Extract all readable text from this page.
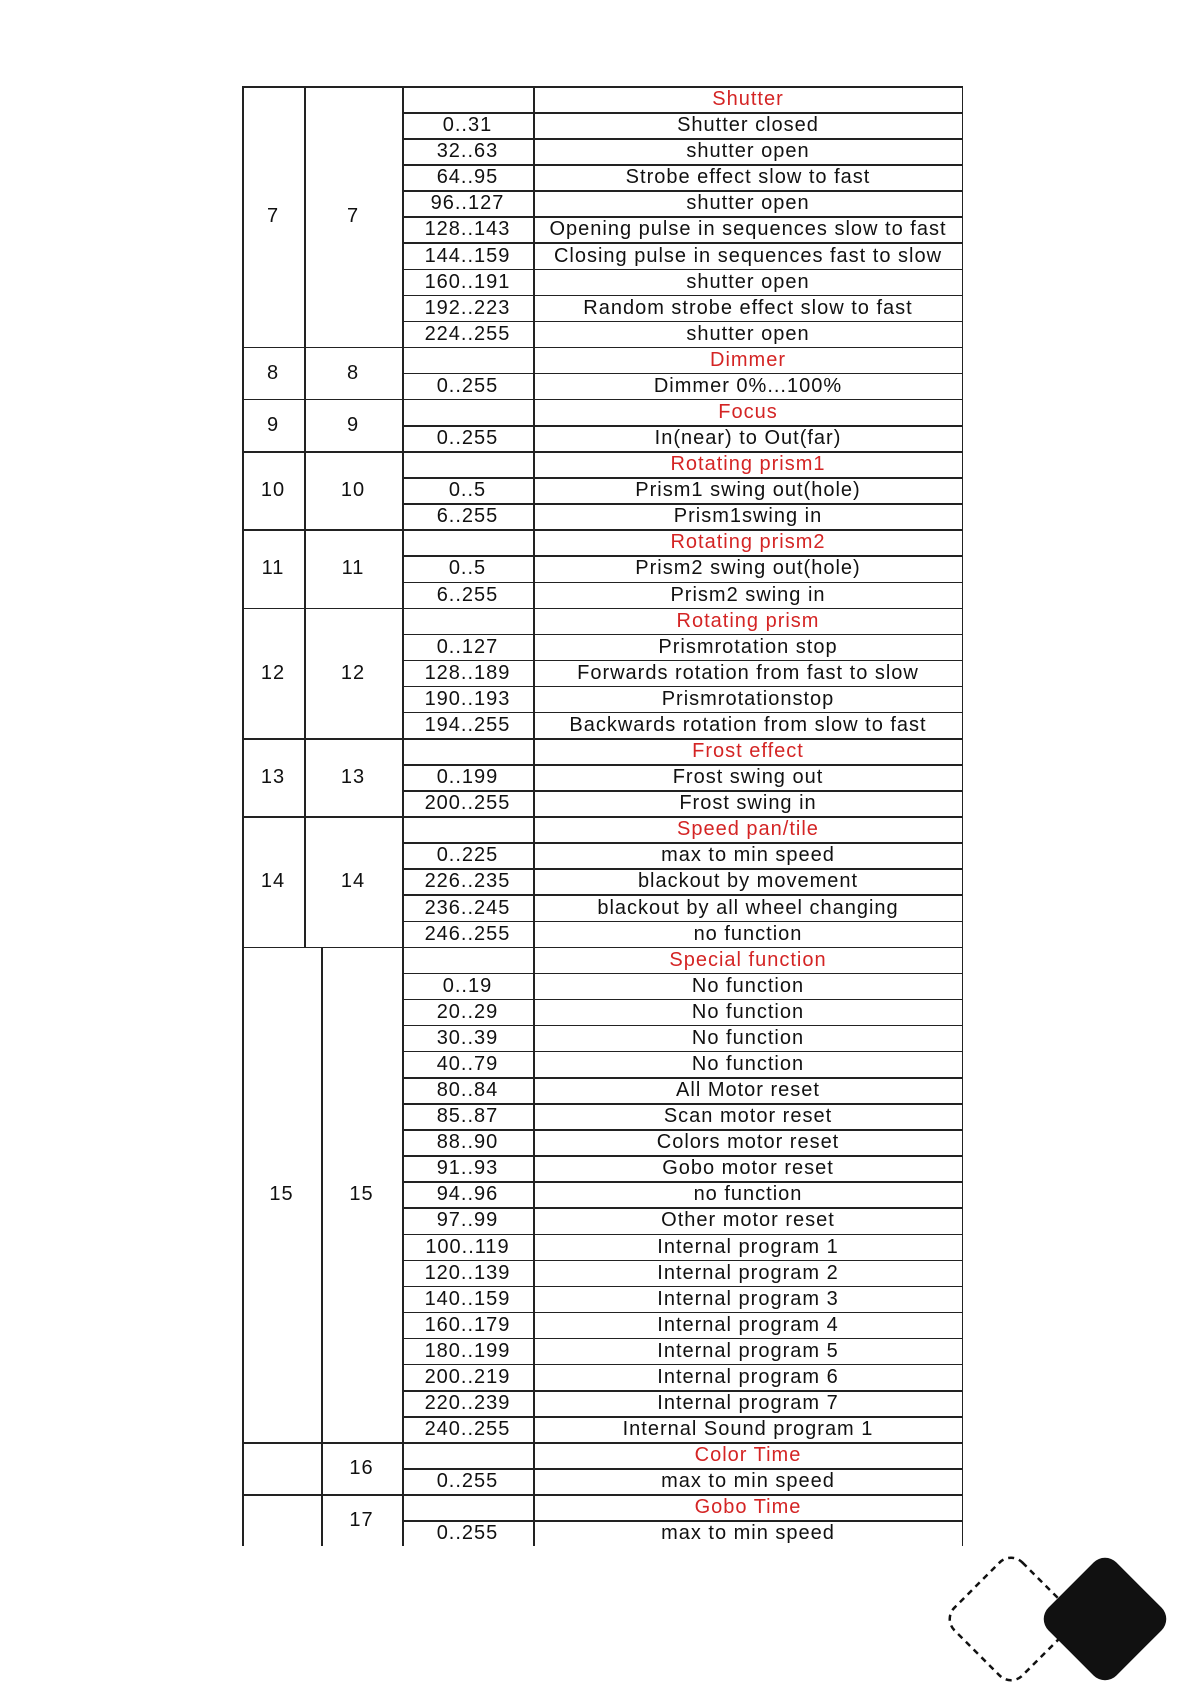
7	7
Shutter
0..31	Shutter closed
32..63	shutter open
64..95	Strobe effect slow to fast
96..127	shutter open
128..143	Opening pulse in sequences slow to fast
144..159	Closing pulse in sequences fast to slow
160..191	shutter open
192..223	Random strobe effect slow to fast
224..255	shutter open
8	8
Dimmer
0..255	Dimmer 0%...100%
9	9
Focus
0..255	In(near) to Out(far)
10	10
Rotating prism1
0..5	Prism1 swing out(hole)
6..255	Prism1swing in
11	11
Rotating prism2
0..5	Prism2 swing out(hole)
6..255	Prism2 swing in
12	12
Rotating prism
0..127	Prismrotation stop
128..189	Forwards rotation from fast to slow
190..193	Prismrotationstop
194..255	Backwards rotation from slow to fast
13	13
Frost effect
0..199	Frost swing out
200..255	Frost swing in
14	14
Speed pan/tile
0..225	max to min speed
226..235	blackout by movement
236..245	blackout by all wheel changing
246..255	no function
15	15
Special function
0..19	No function
20..29	No function
30..39	No function
40..79	No function
80..84	All Motor reset
85..87	Scan motor reset
88..90	Colors motor reset
91..93	Gobo motor reset
94..96	no function
97..99	Other motor reset
100..119	Internal program 1
120..139	Internal program 2
140..159	Internal program 3
160..179	Internal program 4
180..199	Internal program 5
200..219	Internal program 6
220..239	Internal program 7
240..255	Internal Sound program 1
16
Color Time
0..255	max to min speed
17
Gobo Time
0..255	max to min speed
